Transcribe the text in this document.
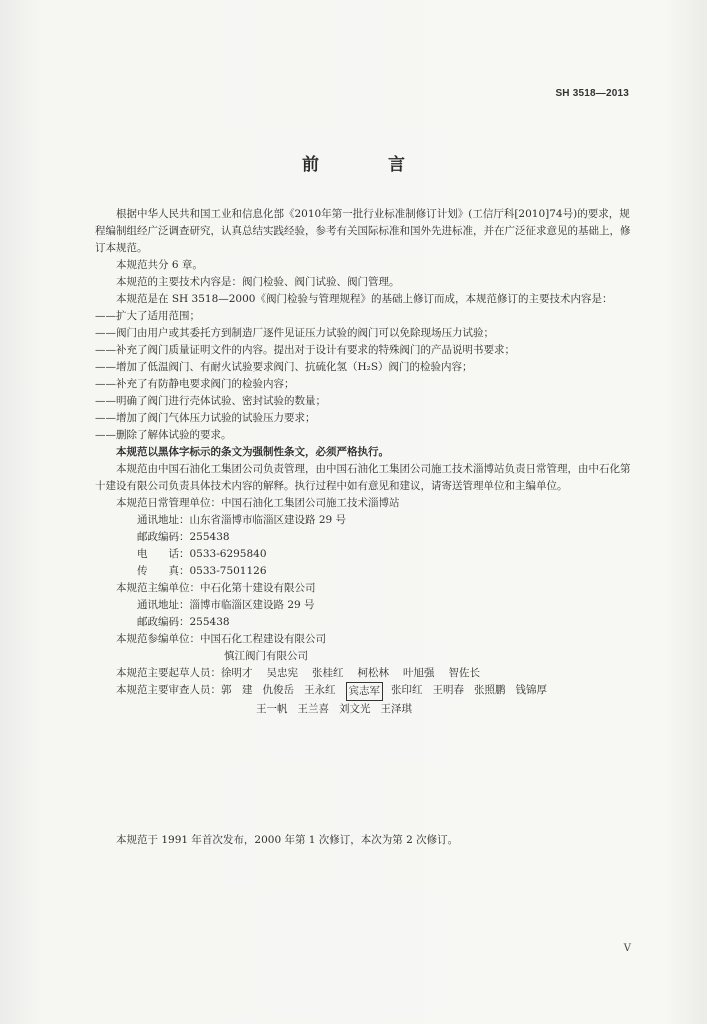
SH 3518—2013
前　言

根据中华人民共和国工业和信息化部《2010年第一批行业标准制修订计划》(工信厅科[2010]74号)的要求，规程编制组经广泛调查研究，认真总结实践经验，参考有关国际标准和国外先进标准，并在广泛征求意见的基础上，修订本规范。

本规范共分 6 章。

本规范的主要技术内容是：阀门检验、阀门试验、阀门管理。

本规范是在 SH 3518—2000《阀门检验与管理规程》的基础上修订而成，本规范修订的主要技术内容是：

——扩大了适用范围；

——阀门由用户或其委托方到制造厂逐件见证压力试验的阀门可以免除现场压力试验；

——补充了阀门质量证明文件的内容。提出对于设计有要求的特殊阀门的产品说明书要求；

——增加了低温阀门、有耐火试验要求阀门、抗硫化氢（H₂S）阀门的检验内容；

——补充了有防静电要求阀门的检验内容；

——明确了阀门进行壳体试验、密封试验的数量；

——增加了阀门气体压力试验的试验压力要求；

——删除了解体试验的要求。

本规范以黑体字标示的条文为强制性条文，必须严格执行。

本规范由中国石油化工集团公司负责管理，由中国石油化工集团公司施工技术淄博站负责日常管理，由中石化第十建设有限公司负责具体技术内容的解释。执行过程中如有意见和建议，请寄送管理单位和主编单位。

本规范日常管理单位： 中国石油化工集团公司施工技术淄博站
通讯地址： 山东省淄博市临淄区建设路 29 号
邮政编码： 255438
电　　话： 0533-6295840
传　　真： 0533-7501126
本规范主编单位： 中石化第十建设有限公司
通讯地址： 淄博市临淄区建设路 29 号
邮政编码： 255438
本规范参编单位： 中国石化工程建设有限公司
慎江阀门有限公司
本规范主要起草人员： 徐明才 吴忠宪 张桂红 柯松林 叶旭强 智佐长
本规范主要审查人员： 郭　建 仇俊岳 王永红 宾志军 张印红 王明春 张照鹏 钱锦厚
王一帆 王兰喜 刘文光 王泽琪
本规范于 1991 年首次发布，2000 年第 1 次修订，本次为第 2 次修订。
V
